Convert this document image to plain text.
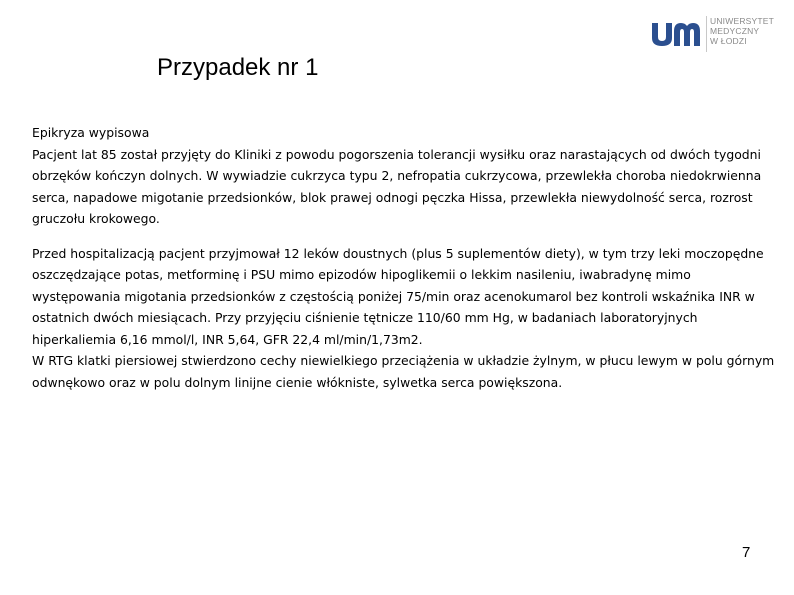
UNIWERSYTET
MEDYCZNY
W ŁODZI
Przypadek nr 1

Epikryza wypisowa

Pacjent lat 85 został przyjęty do Kliniki z powodu pogorszenia tolerancji wysiłku oraz narastających od dwóch tygodni obrzęków kończyn dolnych. W wywiadzie cukrzyca typu 2, nefropatia cukrzycowa, przewlekła choroba niedokrwienna serca, napadowe migotanie przedsionków, blok prawej odnogi pęczka Hissa, przewlekła niewydolność serca, rozrost gruczołu krokowego.

Przed hospitalizacją pacjent przyjmował 12 leków doustnych (plus 5 suplementów diety), w tym trzy leki moczopędne oszczędzające potas, metforminę i PSU mimo epizodów hipoglikemii o lekkim nasileniu, iwabradynę mimo występowania migotania przedsionków z częstością poniżej 75/min oraz acenokumarol bez kontroli wskaźnika INR w ostatnich dwóch miesiącach. Przy przyjęciu ciśnienie tętnicze 110/60 mm Hg, w badaniach laboratoryjnych hiperkaliemia 6,16 mmol/l, INR 5,64, GFR 22,4 ml/min/1,73m2.

W RTG klatki piersiowej stwierdzono cechy niewielkiego przeciążenia w układzie żylnym, w płucu lewym w polu górnym odwnękowo oraz w polu dolnym linijne cienie włókniste, sylwetka serca powiększona.

7
